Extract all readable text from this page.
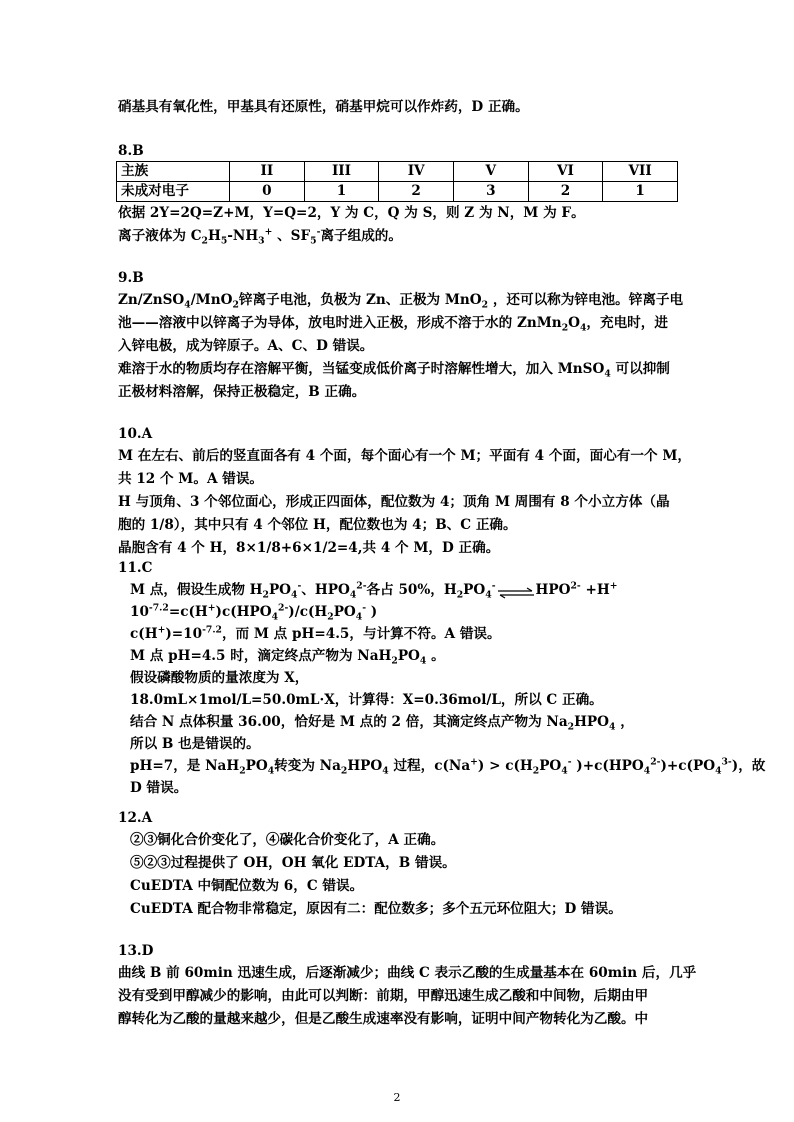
硝基具有氧化性，甲基具有还原性，硝基甲烷可以作炸药，D 正确。
8.B
主族	II	III	IV	V	VI	VII
未成对电子	0	1	2	3	2	1
依据 2Y=2Q=Z+M，Y=Q=2，Y 为 C，Q 为 S，则 Z 为 N，M 为 F。
离子液体为 $C_2H_5-NH_3^+$ 、$SF_5^-$离子组成的。
9.B
Zn/ZnSO$_4$/MnO$_2$锌离子电池，负极为 Zn、正极为 MnO$_2$ ，还可以称为锌电池。锌离子电
池——溶液中以锌离子为导体，放电时进入正极，形成不溶于水的 $ZnMn_2O_4$，充电时，进
入锌电极，成为锌原子。A、C、D 错误。
难溶于水的物质均存在溶解平衡，当锰变成低价离子时溶解性增大，加入 MnSO$_4$ 可以抑制
正极材料溶解，保持正极稳定，B 正确。
10.A
M 在左右、前后的竖直面各有 4 个面，每个面心有一个 M；平面有 4 个面，面心有一个 M，
共 12 个 M。A 错误。
H 与顶角、3 个邻位面心，形成正四面体，配位数为 4；顶角 M 周围有 8 个小立方体（晶
胞的 1/8），其中只有 4 个邻位 H，配位数也为 4；B、C 正确。
晶胞含有 4 个 H，8×1/8+6×1/2=4,共 4 个 M，D 正确。
11.C
M 点，假设生成物 $H_2PO_4^-$、$HPO_4^{2-}$各占 50%，$H_2PO_4^-\rightleftharpoons HPO^{2-} +H^+$
$10^{-7.2}=c(H^+)c(HPO_4^{2-})/c(H_2PO_4^-$ )
$c(H^+)=10^{-7.2}$，而 M 点 pH=4.5，与计算不符。A 错误。
M 点 pH=4.5 时，滴定终点产物为 $NaH_2PO_4$ 。
假设磷酸物质的量浓度为 X，
18.0mL×1mol/L=50.0mL·X，计算得：X=0.36mol/L，所以 C 正确。
结合 N 点体积量 36.00，恰好是 M 点的 2 倍，其滴定终点产物为 $Na_2HPO_4$ ，
所以 B 也是错误的。
pH=7，是 $NaH_2PO_4$转变为 $Na_2HPO_4$ 过程，$c(Na^+) > c(H_2PO_4^-$ )$+c(HPO_4^{2-})+c(PO_4^{3-})$，故
D 错误。
12.A
②③铜化合价变化了，④碳化合价变化了，A 正确。
⑤②③过程提供了 OH，OH 氧化 EDTA，B 错误。
CuEDTA 中铜配位数为 6，C 错误。
CuEDTA 配合物非常稳定，原因有二：配位数多；多个五元环位阻大；D 错误。
13.D
曲线 B 前 60min 迅速生成，后逐渐减少；曲线 C 表示乙酸的生成量基本在 60min 后，几乎
没有受到甲醇减少的影响，由此可以判断：前期，甲醇迅速生成乙酸和中间物，后期由甲
醇转化为乙酸的量越来越少，但是乙酸生成速率没有影响，证明中间产物转化为乙酸。中
2
